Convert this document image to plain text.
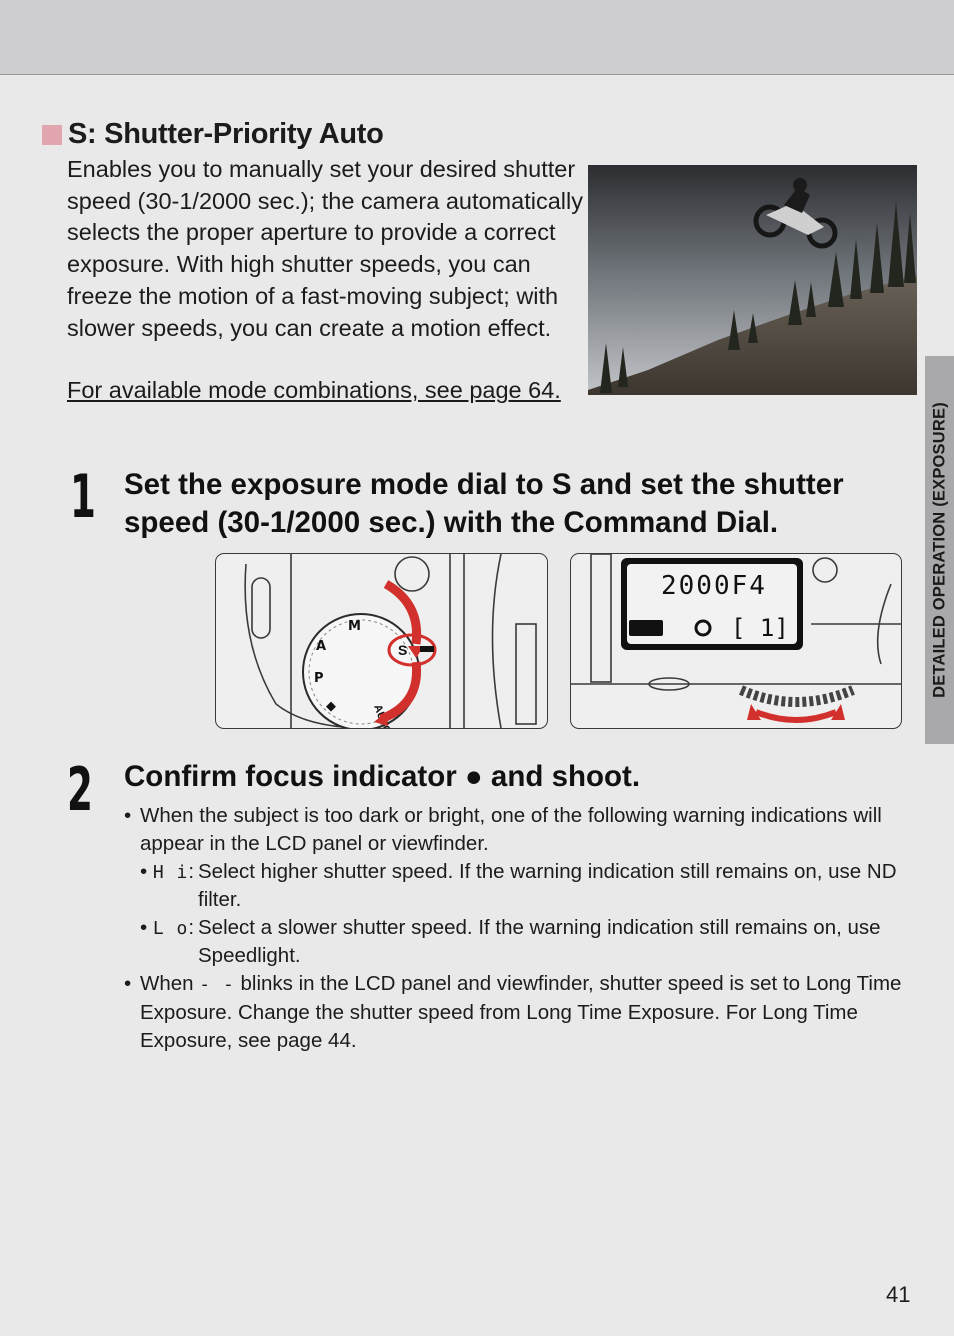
S: Shutter-Priority Auto

Enables you to manually set your desired shutter speed (30-1/2000 sec.); the camera automatically selects the proper aperture to provide a correct exposure. With high shutter speeds, you can freeze the motion of a fast-moving subject; with slower speeds, you can create a motion effect.

For available mode combinations, see page 64.
DETAILED OPERATION (EXPOSURE)
1 Set the exposure mode dial to S and set the shutter
speed (30-1/2000 sec.) with the Command Dial.
M
A
P
◆
S
2000F4
[ 1]
2 Confirm focus indicator ● and shoot.
• When the subject is too dark or bright, one of the following warning indications will appear in the LCD panel or viewfinder.
• H i: Select higher shutter speed. If the warning indication still remains on, use ND filter.
• L o: Select a slower shutter speed. If the warning indication still remains on, use Speedlight.
• When - - blinks in the LCD panel and viewfinder, shutter speed is set to Long Time Exposure. Change the shutter speed from Long Time Exposure. For Long Time Exposure, see page 44.
41
